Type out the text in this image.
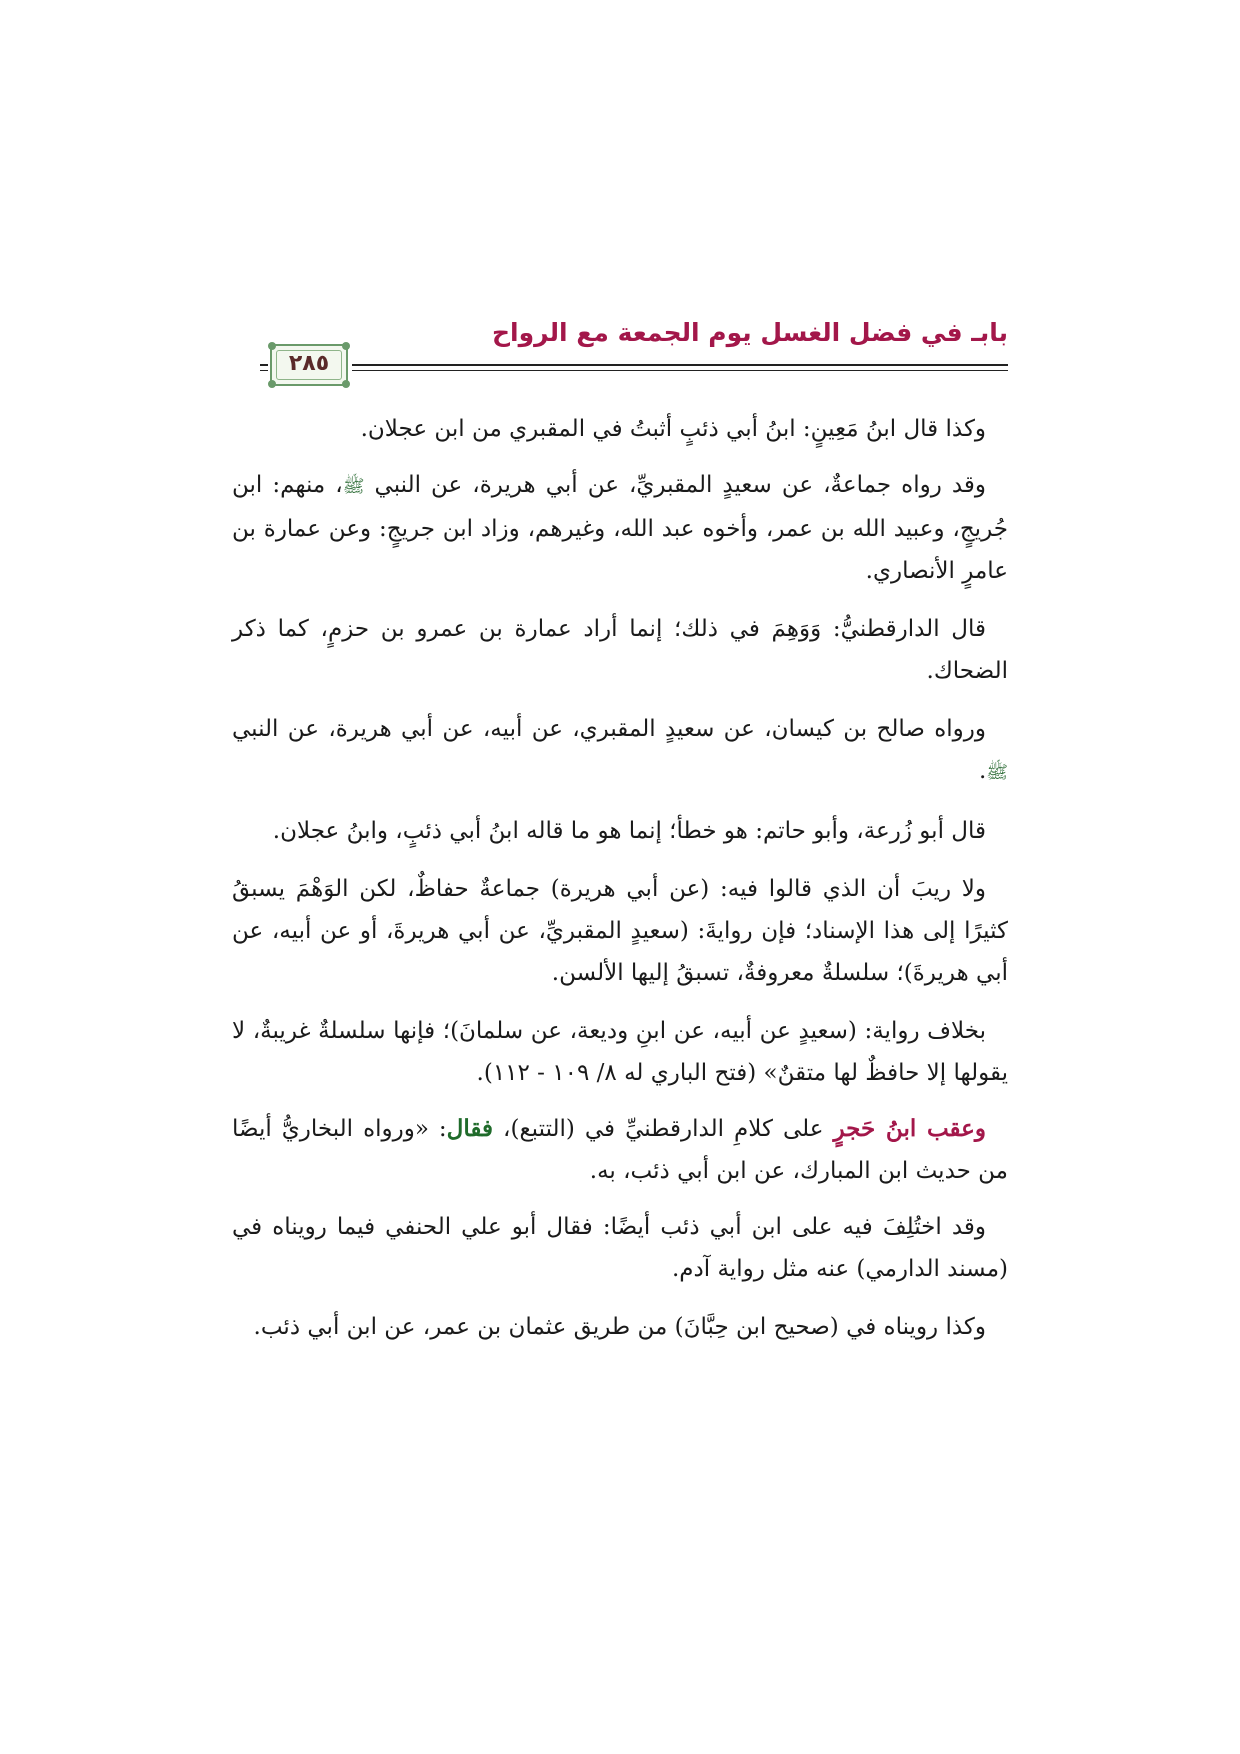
بابـ في فضل الغسل يوم الجمعة مع الرواح
٢٨٥

وكذا قال ابنُ مَعِينٍ: ابنُ أبي ذئبٍ أثبتُ في المقبري من ابن عجلان.

وقد رواه جماعةٌ، عن سعيدٍ المقبريِّ، عن أبي هريرة، عن النبي ﷺ، منهم: ابن جُريجٍ، وعبيد الله بن عمر، وأخوه عبد الله، وغيرهم، وزاد ابن جريجٍ: وعن عمارة بن عامرٍ الأنصاري.

قال الدارقطنيُّ: وَوَهِمَ في ذلك؛ إنما أراد عمارة بن عمرو بن حزمٍ، كما ذكر الضحاك.

ورواه صالح بن كيسان، عن سعيدٍ المقبري، عن أبيه، عن أبي هريرة، عن النبي ﷺ.

قال أبو زُرعة، وأبو حاتم: هو خطأ؛ إنما هو ما قاله ابنُ أبي ذئبٍ، وابنُ عجلان.

ولا ريبَ أن الذي قالوا فيه: (عن أبي هريرة) جماعةٌ حفاظٌ، لكن الوَهْمَ يسبقُ كثيرًا إلى هذا الإسناد؛ فإن روايةَ: (سعيدٍ المقبريِّ، عن أبي هريرةَ، أو عن أبيه، عن أبي هريرةَ)؛ سلسلةٌ معروفةٌ، تسبقُ إليها الألسن.

بخلاف رواية: (سعيدٍ عن أبيه، عن ابنِ وديعة، عن سلمانَ)؛ فإنها سلسلةٌ غريبةٌ، لا يقولها إلا حافظٌ لها متقنٌ» (فتح الباري له ٨/ ١٠٩ - ١١٢).

وعقب ابنُ حَجرٍ على كلامِ الدارقطنيِّ في (التتبع)، فقال: «ورواه البخاريُّ أيضًا من حديث ابن المبارك، عن ابن أبي ذئب، به.

وقد اختُلِفَ فيه على ابن أبي ذئب أيضًا: فقال أبو علي الحنفي فيما رويناه في (مسند الدارمي) عنه مثل رواية آدم.

وكذا رويناه في (صحيح ابن حِبَّانَ) من طريق عثمان بن عمر، عن ابن أبي ذئب.
